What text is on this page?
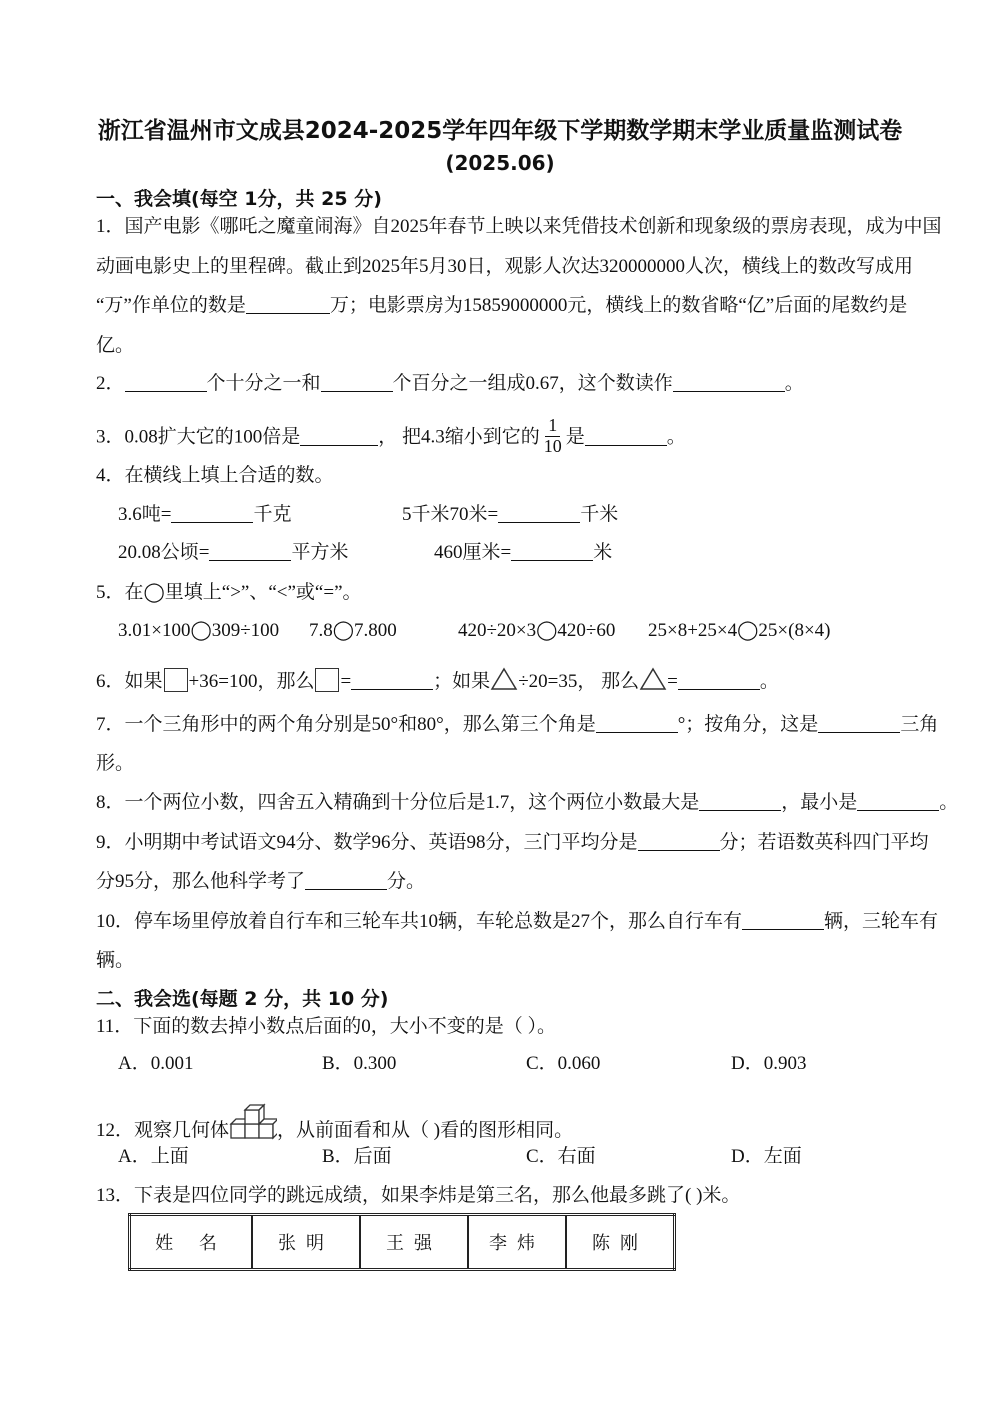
浙江省温州市文成县2024-2025学年四年级下学期数学期末学业质量监测试卷
(2025.06)
一、我会填(每空 1分，共 25 分)
1．国产电影《哪吒之魔童闹海》自2025年春节上映以来凭借技术创新和现象级的票房表现，成为中国
动画电影史上的里程碑。截止到2025年5月30日，观影人次达320000000人次，横线上的数改写成用
“万”作单位的数是	万；电影票房为15859000000元，横线上的数省略“亿”后面的尾数约是
亿。
2．	个十分之一和	个百分之一组成0.67，这个数读作	。
3．0.08扩大它的100倍是	， 把4.3缩小到它的 $\frac{1}{10}$ 是	。
4．在横线上填上合适的数。
3.6吨=	千克	5千米70米=	千米
20.08公顷=	平方米	460厘米=	米
5．在◯里填上“>”、“<”或“=”。
3.01×100◯309÷100 7.8◯7.800	420÷20×3◯420÷60 25×8+25×4◯25×(8×4)
6．如果 +36=100，那么 =	；如果 ÷20=35， 那么 =	。
7．一个三角形中的两个角分别是50°和80°，那么第三个角是	°；按角分，这是	三角
形。
8．一个两位小数，四舍五入精确到十分位后是1.7，这个两位小数最大是	，最小是	。
9．小明期中考试语文94分、数学96分、英语98分，三门平均分是	分；若语数英科四门平均
分95分，那么他科学考了	分。
10．停车场里停放着自行车和三轮车共10辆，车轮总数是27个，那么自行车有	辆，三轮车有
辆。
二、我会选(每题 2 分，共 10 分)
11．下面的数去掉小数点后面的0，大小不变的是（ ）。
A．0.001	B．0.300	C．0.060	D．0.903
12．观察几何体	，从前面看和从（ )看的图形相同。
A．上面	B．后面	C．右面	D．左面
13．下表是四位同学的跳远成绩，如果李炜是第三名，那么他最多跳了( )米。
姓 名	张明	王强	李炜	陈刚
